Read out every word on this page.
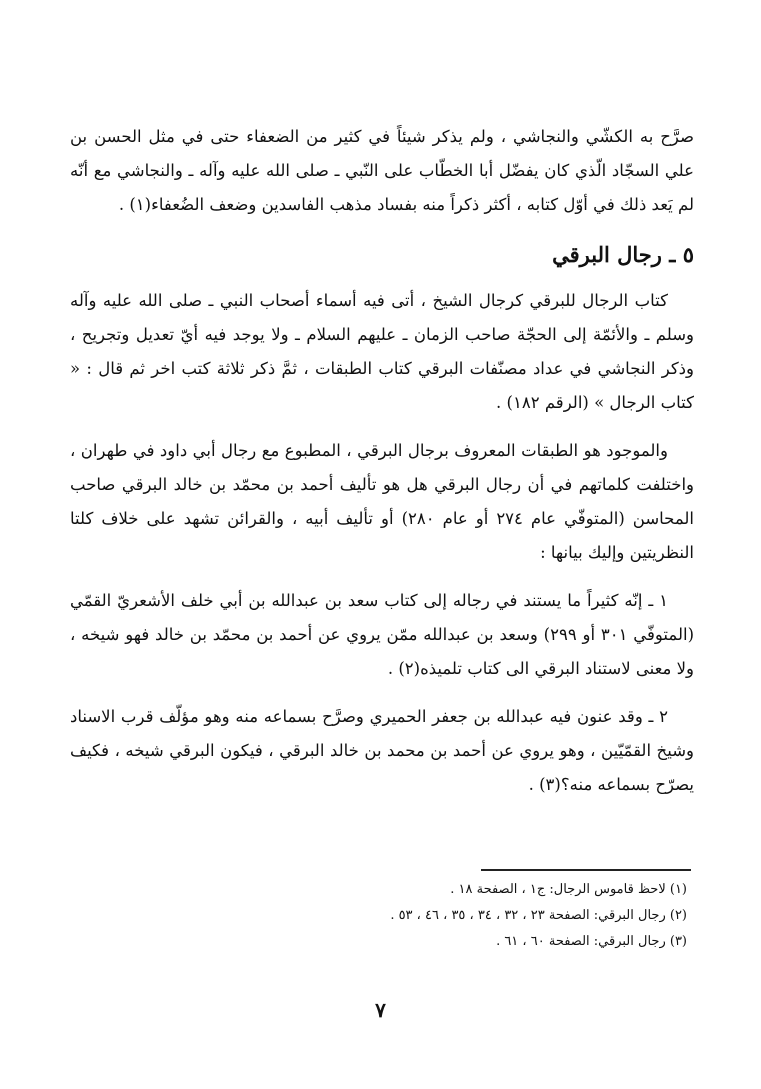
صرَّح به الكشّي والنجاشي ، ولم يذكر شيئاً في كثير من الضعفاء حتى في مثل الحسن بن علي السجّاد الّذي كان يفضّل أبا الخطّاب على النّبي ـ صلى الله عليه وآله ـ والنجاشي مع أنّه لم يَعد ذلك في أوّل كتابه ، أكثر ذكراً منه بفساد مذهب الفاسدين وضعف الضُعفاء(١) .

٥ ـ رجال البرقي

كتاب الرجال للبرقي كرجال الشيخ ، أتى فيه أسماء أصحاب النبي ـ صلى الله عليه وآله وسلم ـ والأئمّة إلى الحجّة صاحب الزمان ـ عليهم السلام ـ ولا يوجد فيه أيّ تعديل وتجريح ، وذكر النجاشي في عداد مصنّفات البرقي كتاب الطبقات ، ثمَّ ذكر ثلاثة كتب اخر ثم قال : « كتاب الرجال » (الرقم ١٨٢) .

والموجود هو الطبقات المعروف برجال البرقي ، المطبوع مع رجال أبي داود في طهران ، واختلفت كلماتهم في أن رجال البرقي هل هو تأليف أحمد بن محمّد بن خالد البرقي صاحب المحاسن (المتوفّي عام ٢٧٤ أو عام ٢٨٠) أو تأليف أبيه ، والقرائن تشهد على خلاف كلتا النظريتين وإليك بيانها :

١ ـ إنّه كثيراً ما يستند في رجاله إلى كتاب سعد بن عبدالله بن أبي خلف الأشعريّ القمّي (المتوفّي ٣٠١ أو ٢٩٩) وسعد بن عبدالله ممّن يروي عن أحمد بن محمّد بن خالد فهو شيخه ، ولا معنى لاستناد البرقي الى كتاب تلميذه(٢) .

٢ ـ وقد عنون فيه عبدالله بن جعفر الحميري وصرَّح بسماعه منه وهو مؤلّف قرب الاسناد وشيخ القمّيّين ، وهو يروي عن أحمد بن محمد بن خالد البرقي ، فيكون البرقي شيخه ، فكيف يصرّح بسماعه منه؟(٣) .

(١) لاحظ قاموس الرجال: ج١ ، الصفحة ١٨ .

(٢) رجال البرقي: الصفحة ٢٣ ، ٣٢ ، ٣٤ ، ٣٥ ، ٤٦ ، ٥٣ .

(٣) رجال البرقي: الصفحة ٦٠ ، ٦١ .

٧
